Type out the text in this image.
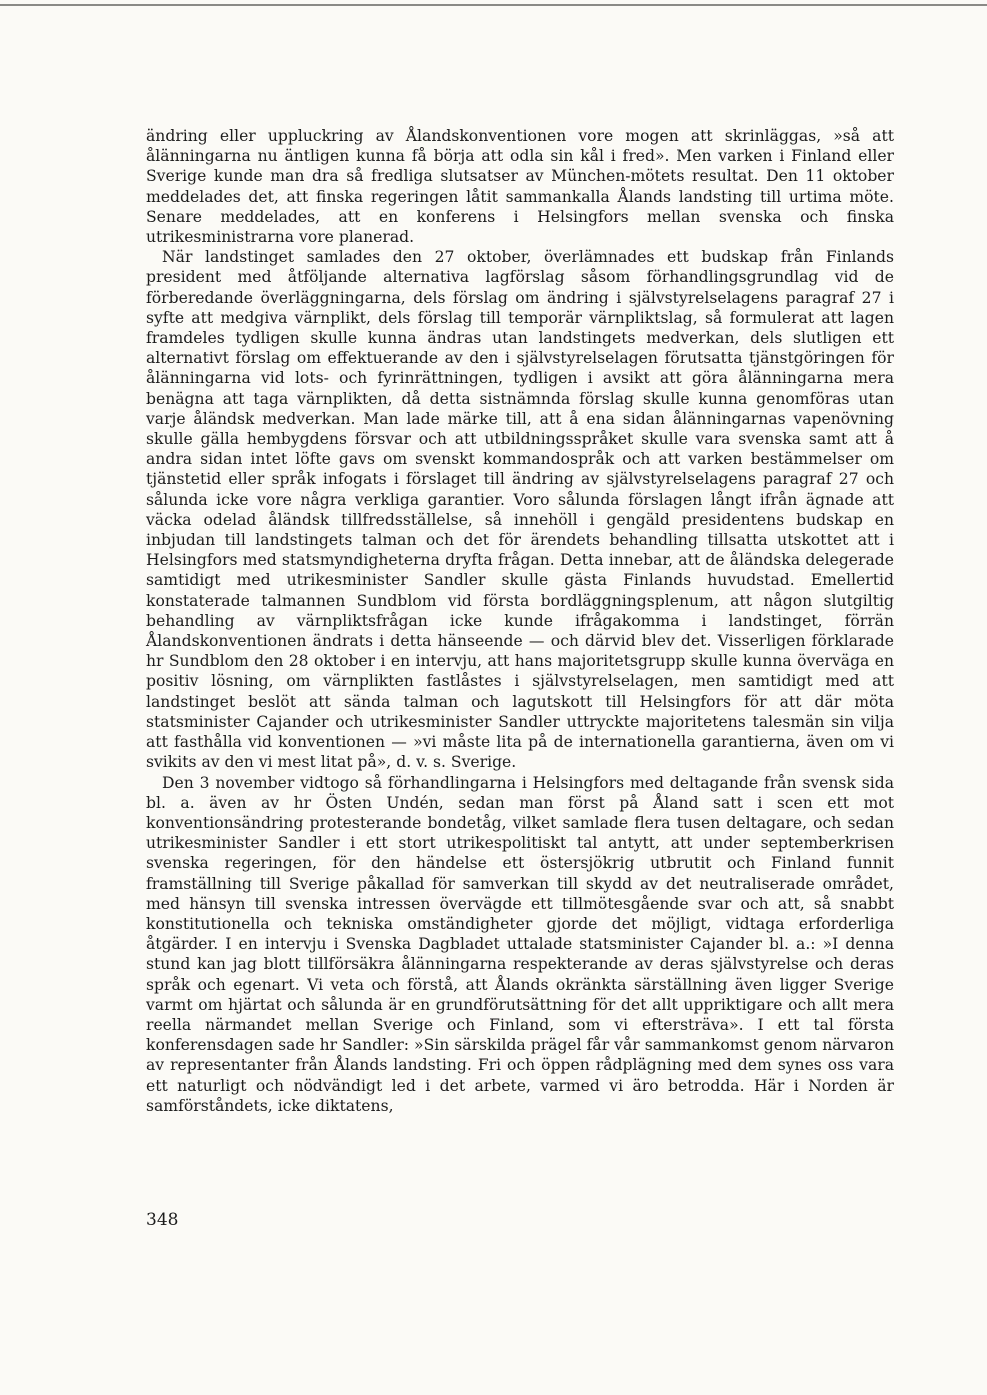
ändring eller uppluckring av Ålandskonventionen vore mogen att skrinläggas, »så att ålänningarna nu äntligen kunna få börja att odla sin kål i fred». Men varken i Finland eller Sverige kunde man dra så fredliga slutsatser av München-mötets resultat. Den 11 oktober meddelades det, att finska regeringen låtit sammankalla Ålands landsting till urtima möte. Senare meddelades, att en konferens i Helsingfors mellan svenska och finska utrikesministrarna vore planerad.

När landstinget samlades den 27 oktober, överlämnades ett budskap från Finlands president med åtföljande alternativa lagförslag såsom förhandlingsgrundlag vid de förberedande överläggningarna, dels förslag om ändring i självstyrelselagens paragraf 27 i syfte att medgiva värnplikt, dels förslag till temporär värnpliktslag, så formulerat att lagen framdeles tydligen skulle kunna ändras utan landstingets medverkan, dels slutligen ett alternativt förslag om effektuerande av den i självstyrelselagen förutsatta tjänstgöringen för ålänningarna vid lots- och fyrinrättningen, tydligen i avsikt att göra ålänningarna mera benägna att taga värnplikten, då detta sistnämnda förslag skulle kunna genomföras utan varje åländsk medverkan. Man lade märke till, att å ena sidan ålänningarnas vapenövning skulle gälla hembygdens försvar och att utbildningsspråket skulle vara svenska samt att å andra sidan intet löfte gavs om svenskt kommandospråk och att varken bestämmelser om tjänstetid eller språk infogats i förslaget till ändring av självstyrelselagens paragraf 27 och sålunda icke vore några verkliga garantier. Voro sålunda förslagen långt ifrån ägnade att väcka odelad åländsk tillfredsställelse, så innehöll i gengäld presidentens budskap en inbjudan till landstingets talman och det för ärendets behandling tillsatta utskottet att i Helsingfors med statsmyndigheterna dryfta frågan. Detta innebar, att de åländska delegerade samtidigt med utrikesminister Sandler skulle gästa Finlands huvudstad. Emellertid konstaterade talmannen Sundblom vid första bordläggningsplenum, att någon slutgiltig behandling av värnpliktsfrågan icke kunde ifrågakomma i landstinget, förrän Ålandskonventionen ändrats i detta hänseende — och därvid blev det. Visserligen förklarade hr Sundblom den 28 oktober i en intervju, att hans majoritetsgrupp skulle kunna överväga en positiv lösning, om värnplikten fastlåstes i självstyrelselagen, men samtidigt med att landstinget beslöt att sända talman och lagutskott till Helsingfors för att där möta statsminister Cajander och utrikesminister Sandler uttryckte majoritetens talesmän sin vilja att fasthålla vid konventionen — »vi måste lita på de internationella garantierna, även om vi svikits av den vi mest litat på», d. v. s. Sverige.

Den 3 november vidtogo så förhandlingarna i Helsingfors med deltagande från svensk sida bl. a. även av hr Östen Undén, sedan man först på Åland satt i scen ett mot konventionsändring protesterande bondetåg, vilket samlade flera tusen deltagare, och sedan utrikesminister Sandler i ett stort utrikespolitiskt tal antytt, att under septemberkrisen svenska regeringen, för den händelse ett östersjökrig utbrutit och Finland funnit framställning till Sverige påkallad för samverkan till skydd av det neutraliserade området, med hänsyn till svenska intressen övervägde ett tillmötesgående svar och att, så snabbt konstitutionella och tekniska omständigheter gjorde det möjligt, vidtaga erforderliga åtgärder. I en intervju i Svenska Dagbladet uttalade statsminister Cajander bl. a.: »I denna stund kan jag blott tillförsäkra ålänningarna respekterande av deras självstyrelse och deras språk och egenart. Vi veta och förstå, att Ålands okränkta särställning även ligger Sverige varmt om hjärtat och sålunda är en grundförutsättning för det allt uppriktigare och allt mera reella närmandet mellan Sverige och Finland, som vi eftersträva». I ett tal första konferensdagen sade hr Sandler: »Sin särskilda prägel får vår sammankomst genom närvaron av representanter från Ålands landsting. Fri och öppen rådplägning med dem synes oss vara ett naturligt och nödvändigt led i det arbete, varmed vi äro betrodda. Här i Norden är samförståndets, icke diktatens,

348
